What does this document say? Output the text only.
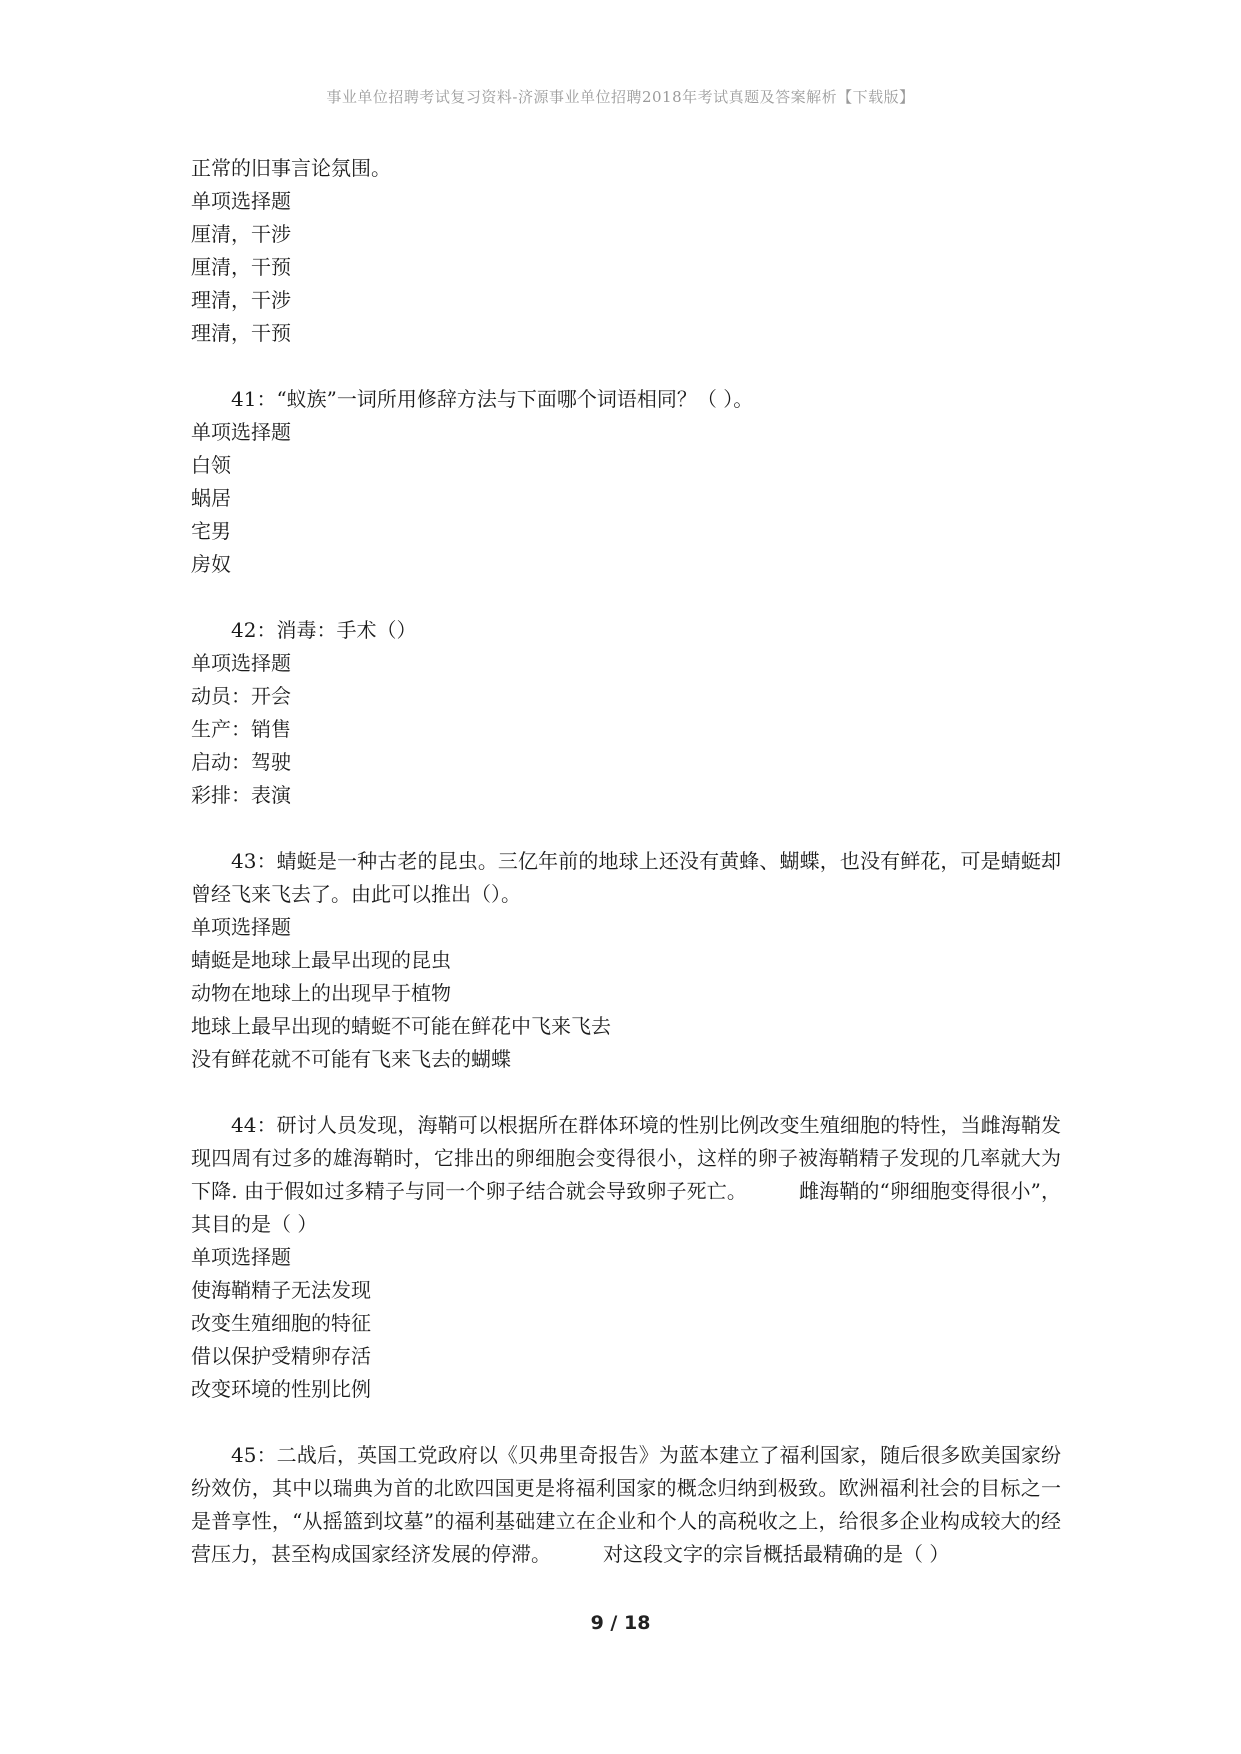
事业单位招聘考试复习资料-济源事业单位招聘2018年考试真题及答案解析【下载版】
正常的旧事言论氛围。
单项选择题
厘清，干涉
厘清，干预
理清，干涉
理清，干预
41：“蚁族”一词所用修辞方法与下面哪个词语相同？（ ）。
单项选择题
白领
蜗居
宅男
房奴
42：消毒：手术（）
单项选择题
动员：开会
生产：销售
启动：驾驶
彩排：表演
43：蜻蜓是一种古老的昆虫。三亿年前的地球上还没有黄蜂、蝴蝶，也没有鲜花，可是蜻蜓却曾经飞来飞去了。由此可以推出（）。
单项选择题
蜻蜓是地球上最早出现的昆虫
动物在地球上的出现早于植物
地球上最早出现的蜻蜓不可能在鲜花中飞来飞去
没有鲜花就不可能有飞来飞去的蝴蝶
44：研讨人员发现，海鞘可以根据所在群体环境的性别比例改变生殖细胞的特性，当雌海鞘发现四周有过多的雄海鞘时，它排出的卵细胞会变得很小，这样的卵子被海鞘精子发现的几率就大为下降. 由于假如过多精子与同一个卵子结合就会导致卵子死亡。	雌海鞘的“卵细胞变得很小”，其目的是（ ）
单项选择题
使海鞘精子无法发现
改变生殖细胞的特征
借以保护受精卵存活
改变环境的性别比例
45：二战后，英国工党政府以《贝弗里奇报告》为蓝本建立了福利国家，随后很多欧美国家纷纷效仿，其中以瑞典为首的北欧四国更是将福利国家的概念归纳到极致。欧洲福利社会的目标之一是普享性，“从摇篮到坟墓”的福利基础建立在企业和个人的高税收之上，给很多企业构成较大的经营压力，甚至构成国家经济发展的停滞。	对这段文字的宗旨概括最精确的是（ ）
9 / 18
